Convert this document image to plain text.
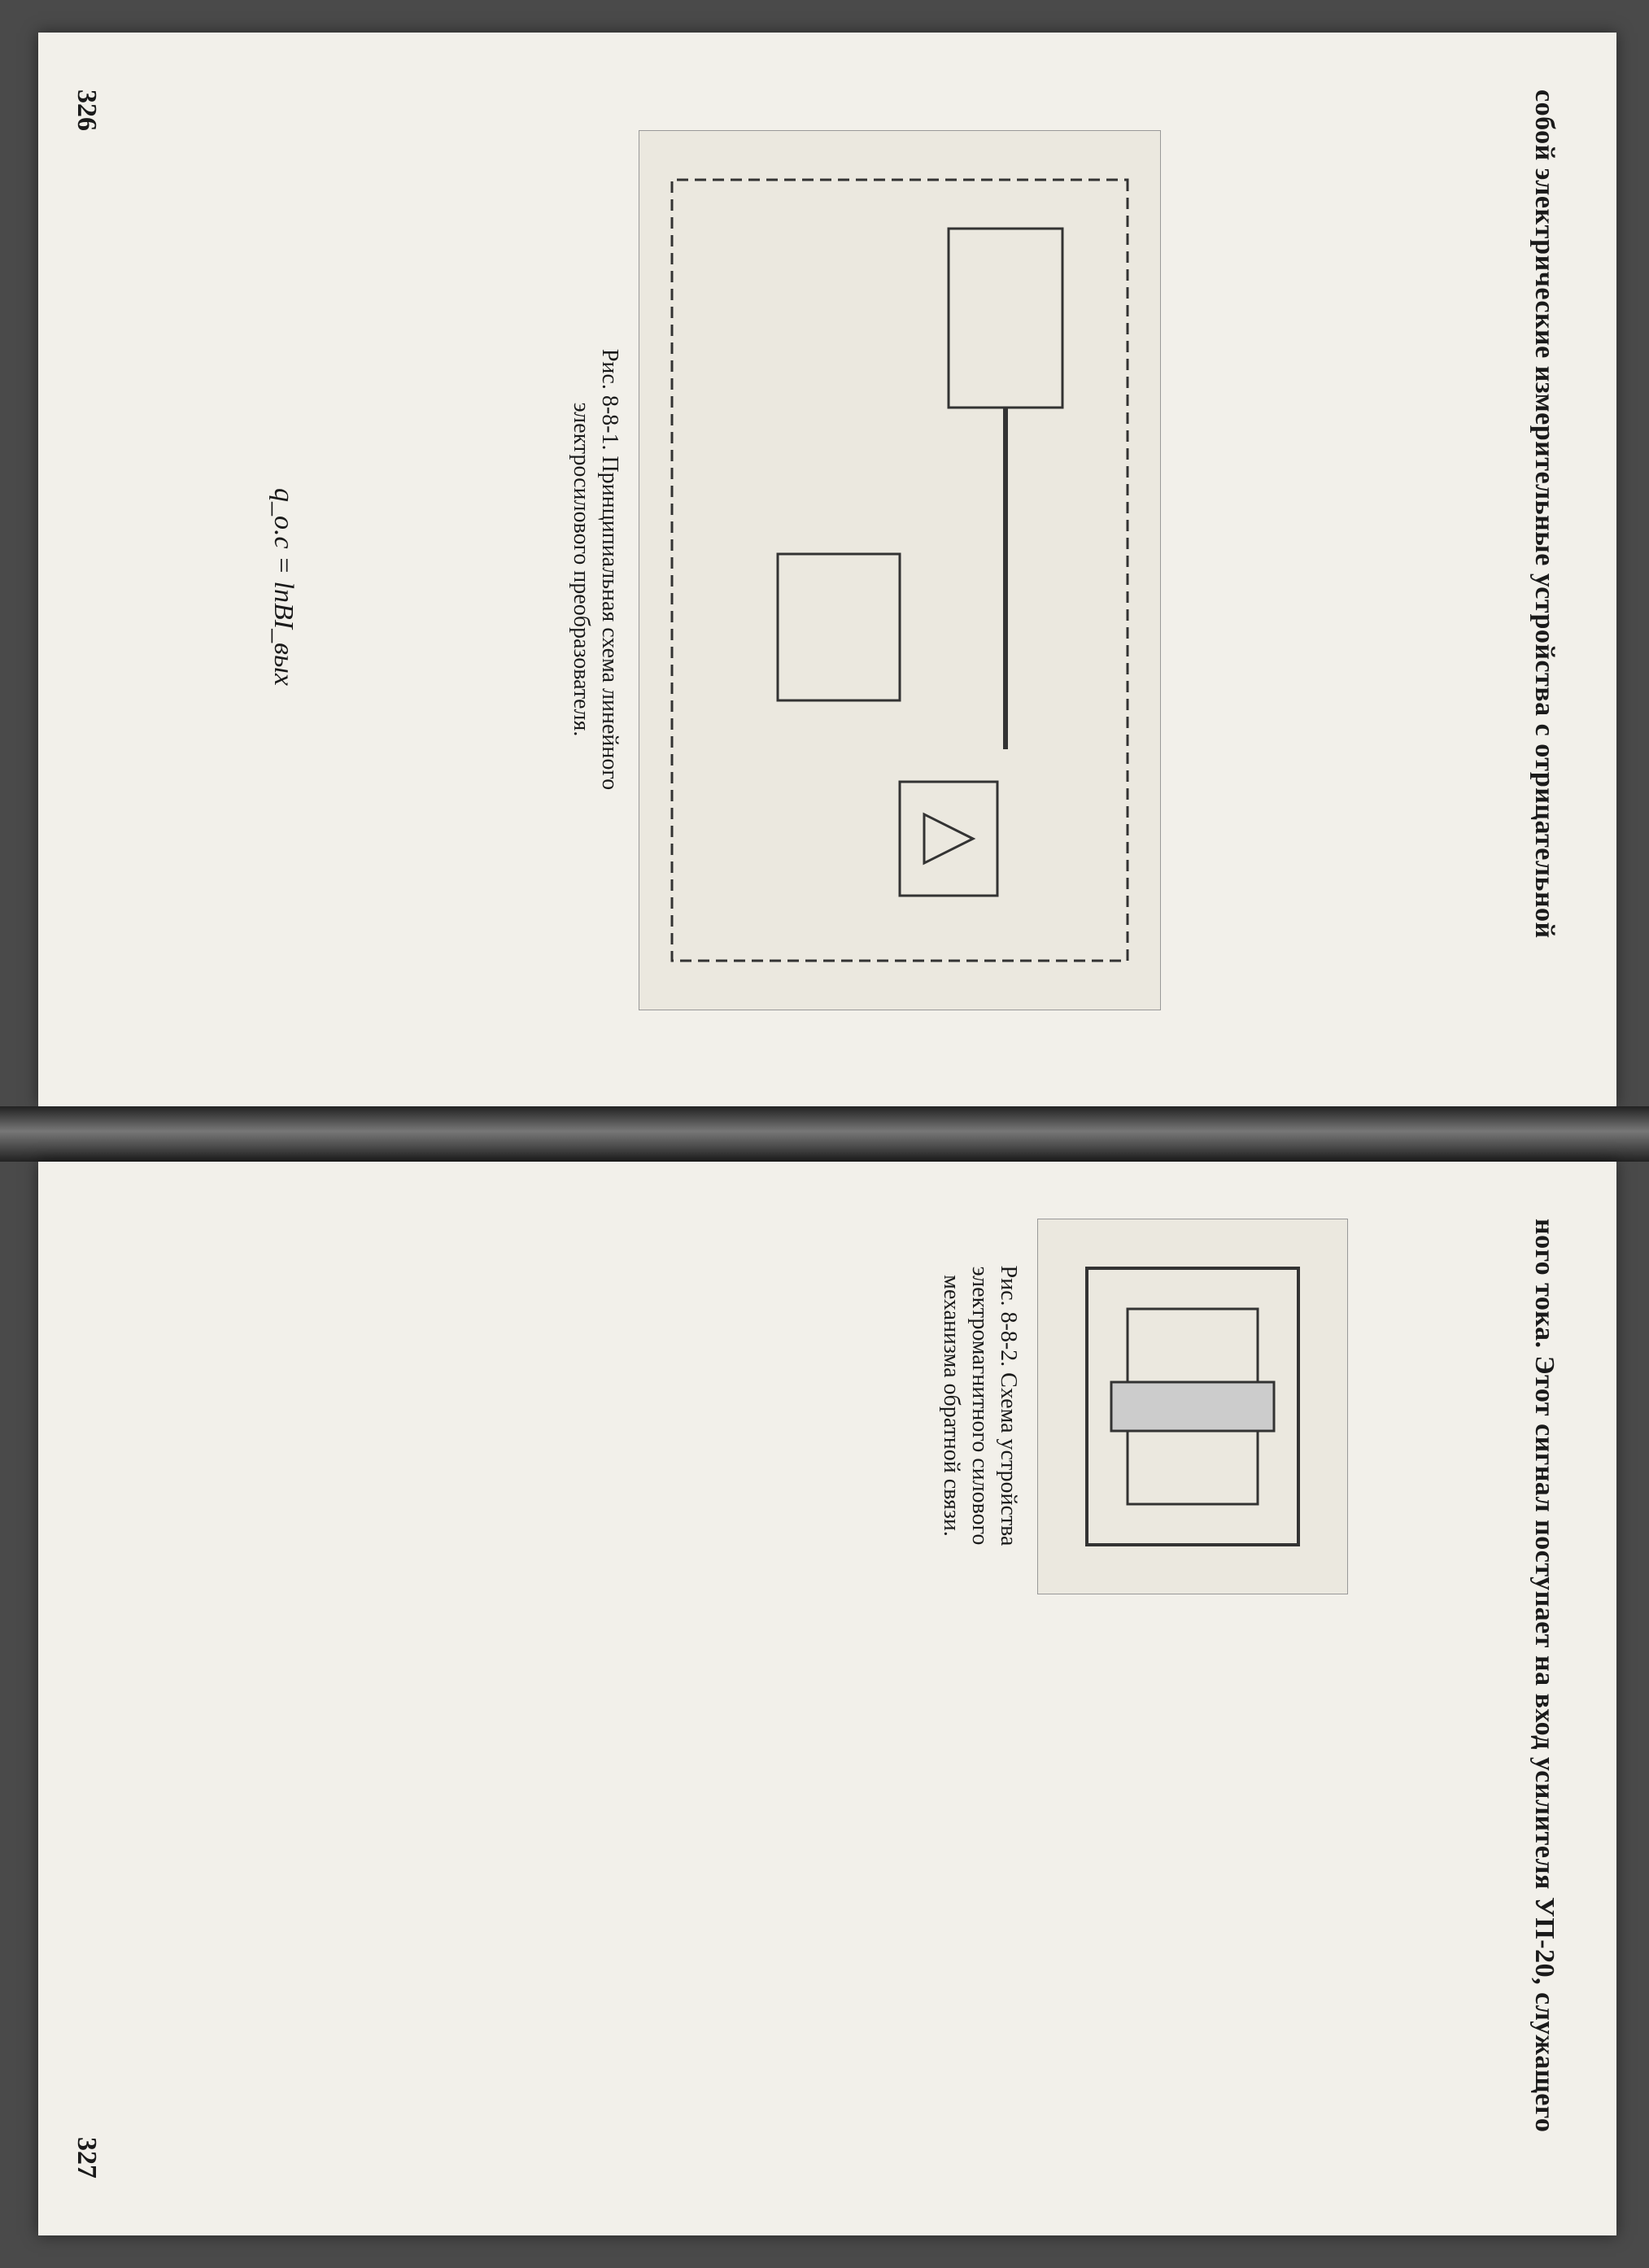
собой электрические измерительные устройства с отрицательной
Рис. 8-8-1. Принципиальная схема линейного электросилового преобразователя.
q_о.с = lnBI_вых
326
ного тока. Этот сигнал поступает на вход усилителя УП-20, служащего
Рис. 8-8-2. Схема устройства электромагнитного силового механизма обратной связи.
327
